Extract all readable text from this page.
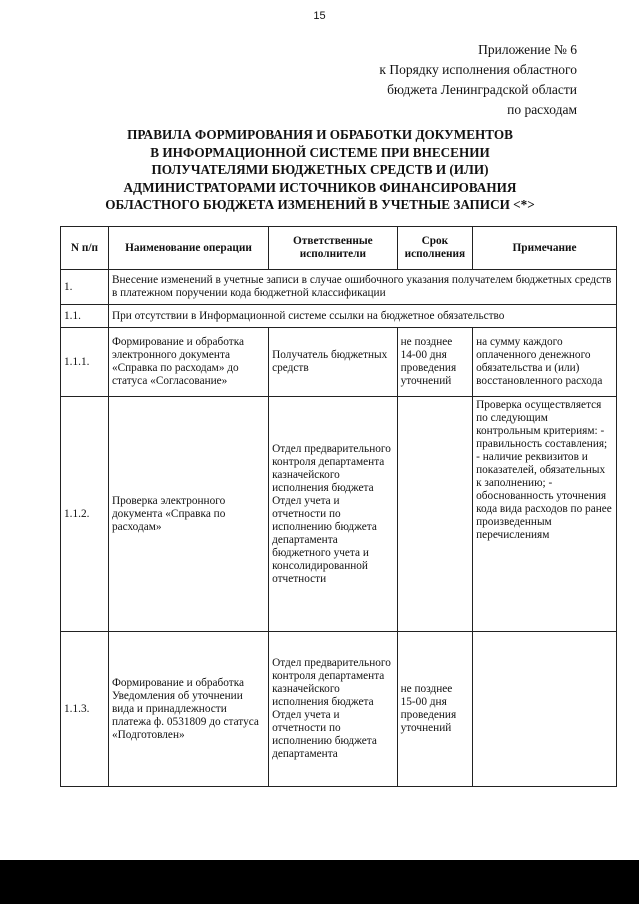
15
Приложение № 6
к Порядку исполнения областного
бюджета Ленинградской области
по расходам
ПРАВИЛА ФОРМИРОВАНИЯ И ОБРАБОТКИ ДОКУМЕНТОВ
В ИНФОРМАЦИОННОЙ СИСТЕМЕ ПРИ ВНЕСЕНИИ
ПОЛУЧАТЕЛЯМИ БЮДЖЕТНЫХ СРЕДСТВ И (ИЛИ)
АДМИНИСТРАТОРАМИ ИСТОЧНИКОВ ФИНАНСИРОВАНИЯ
ОБЛАСТНОГО БЮДЖЕТА ИЗМЕНЕНИЙ В УЧЕТНЫЕ ЗАПИСИ <*>
N п/п	Наименование операции	Ответственные исполнители	Срок исполнения	Примечание
1.	Внесение изменений в учетные записи в случае ошибочного указания получателем бюджетных средств в платежном поручении кода бюджетной классификации			
1.1.	При отсутствии в Информационной системе ссылки на бюджетное обязательство			
1.1.1.	Формирование и обработка электронного документа «Справка по расходам» до статуса «Согласование»	Получатель бюджетных средств	не позднее 14-00 дня проведения уточнений	на сумму каждого оплаченного денежного обязательства и (или) восстановленного расхода
1.1.2.	Проверка электронного документа «Справка по расходам»	Отдел предварительного контроля департамента казначейского исполнения бюджета Отдел учета и отчетности по исполнению бюджета департамента бюджетного учета и консолидированной отчетности		Проверка осуществляется по следующим контрольным критериям: - правильность составления; - наличие реквизитов и показателей, обязательных к заполнению; - обоснованность уточнения кода вида расходов по ранее произведенным перечислениям
1.1.3.	Формирование и обработка Уведомления об уточнении вида и принадлежности платежа ф. 0531809 до статуса «Подготовлен»	Отдел предварительного контроля департамента казначейского исполнения бюджета Отдел учета и отчетности по исполнению бюджета департамента	не позднее 15-00 дня проведения уточнений	
